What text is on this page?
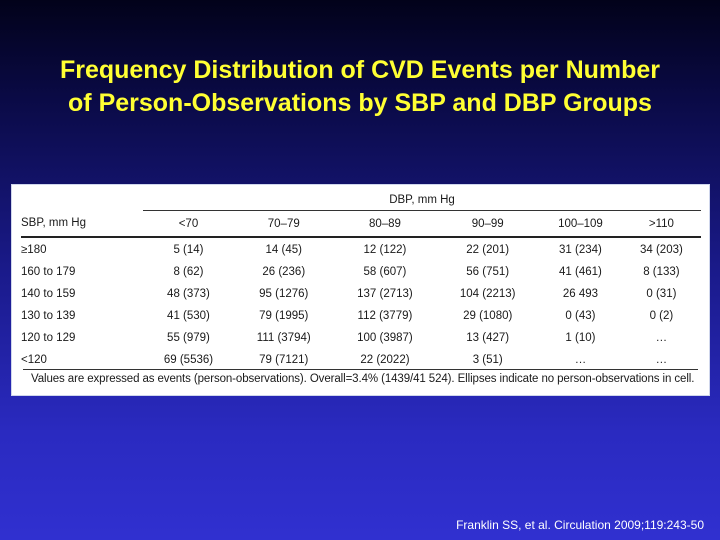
Frequency Distribution of CVD Events per Number
of Person-Observations by SBP and DBP Groups
	DBP, mm Hg					
SBP, mm Hg	<70	70–79	80–89	90–99	100–109	>110
≥180	5 (14)	14 (45)	12 (122)	22 (201)	31 (234)	34 (203)
160 to 179	8 (62)	26 (236)	58 (607)	56 (751)	41 (461)	8 (133)
140 to 159	48 (373)	95 (1276)	137 (2713)	104 (2213)	26 493	0 (31)
130 to 139	41 (530)	79 (1995)	112 (3779)	29 (1080)	0 (43)	0 (2)
120 to 129	55 (979)	111 (3794)	100 (3987)	13 (427)	1 (10)	…
<120	69 (5536)	79 (7121)	22 (2022)	3 (51)	…	…
Values are expressed as events (person-observations). Overall=3.4% (1439/41 524). Ellipses indicate no person-observations in cell.
Franklin SS, et al. Circulation 2009;119:243-50
